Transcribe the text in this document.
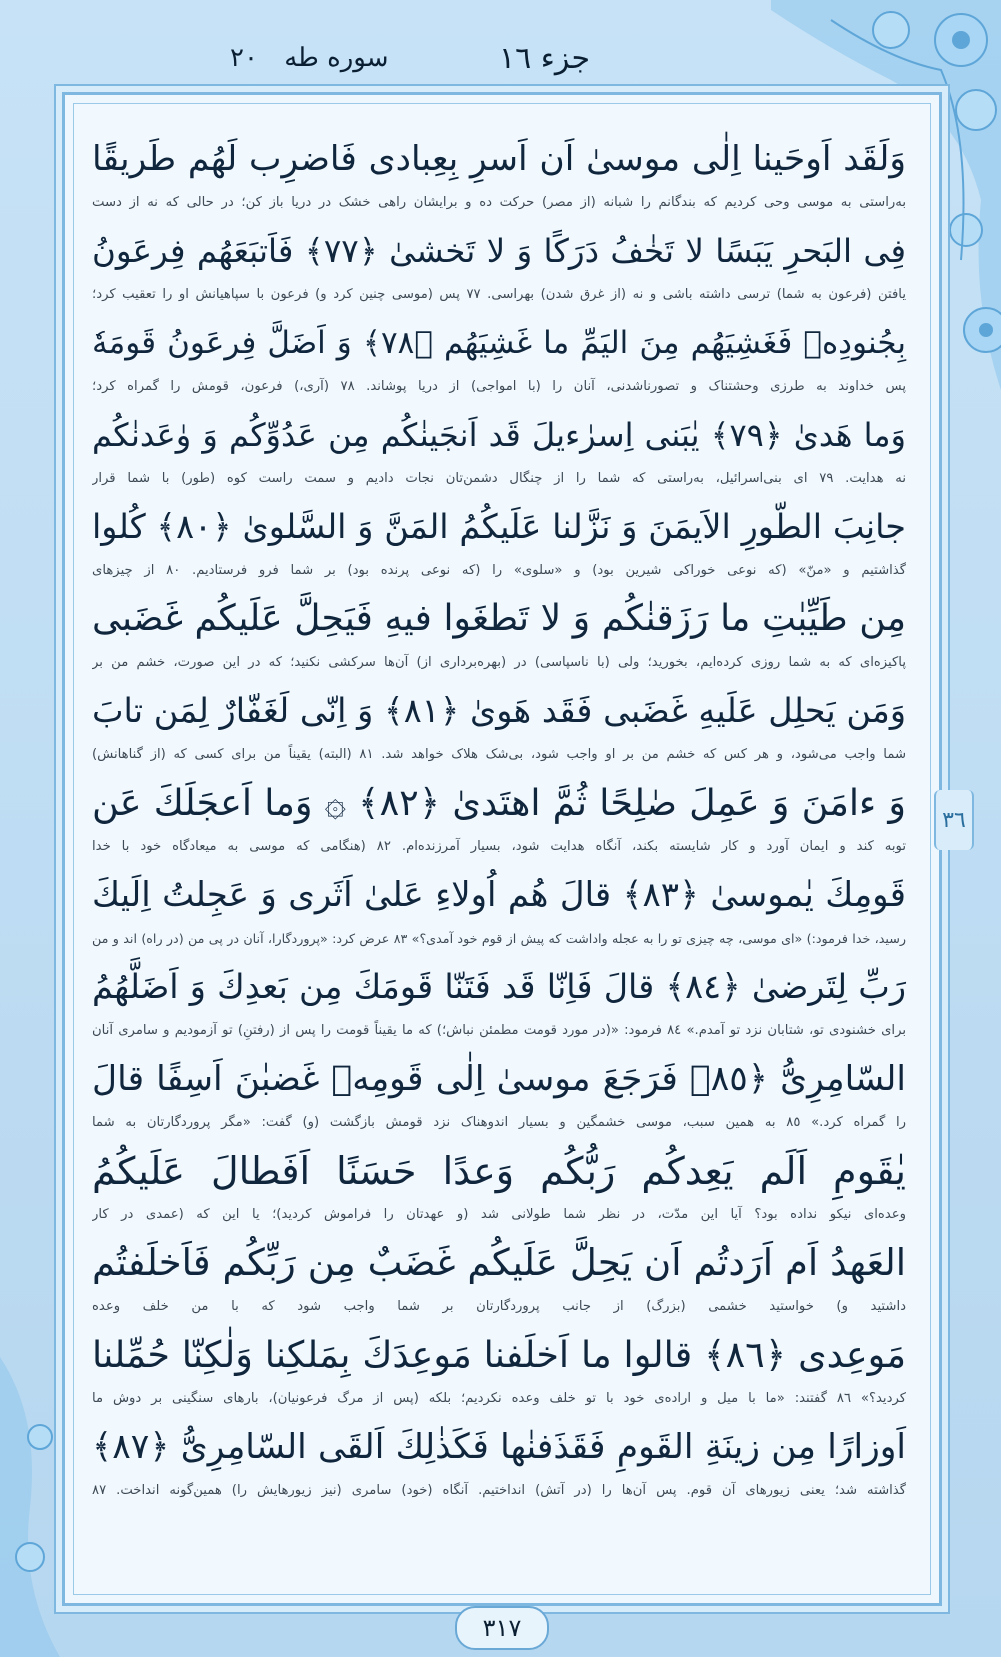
جزء ١٦
سوره طه ٢٠
وَلَقَد اَوحَينا اِلٰى موسىٰ اَن اَسرِ بِعِبادى فَاضرِب لَهُم طَريقًا
به‌راستی به موسی وحی کردیم که بندگانم را شبانه (از مصر) حرکت ده و برایشان راهی خشک در دریا باز کن؛ در حالی که نه از دست
فِى البَحرِ يَبَسًا لا تَخٰفُ دَرَكًا وَ لا تَخشىٰ ﴿٧٧﴾ فَاَتبَعَهُم فِرعَونُ
یافتن (فرعون به شما) ترسی داشته باشی و نه (از غرق شدن) بهراسی. ٧٧ پس (موسی چنین کرد و) فرعون با سپاهیانش او را تعقیب کرد؛
بِجُنودِهٖ فَغَشِيَهُم مِنَ اليَمِّ ما غَشِيَهُم ﴿٧٨﴾ وَ اَضَلَّ فِرعَونُ قَومَهٗ
پس خداوند به طرزی وحشتناک و تصورناشدنی، آنان را (با امواجی) از دریا پوشاند. ٧٨ (آری،) فرعون، قومش را گمراه کرد؛
وَما هَدىٰ ﴿٧٩﴾ يٰبَنى اِسرٰءيلَ قَد اَنجَينٰكُم مِن عَدُوِّكُم وَ وٰعَدنٰكُم
نه هدایت. ٧٩ ای بنی‌اسرائیل، به‌راستی که شما را از چنگال دشمن‌تان نجات دادیم و سمت راست کوه (طور) با شما قرار
جانِبَ الطّورِ الاَيمَنَ وَ نَزَّلنا عَلَيكُمُ المَنَّ وَ السَّلوىٰ ﴿٨٠﴾ كُلوا
گذاشتیم و «منّ» (که نوعی خوراکی شیرین بود) و «سلوی» را (که نوعی پرنده بود) بر شما فرو فرستادیم. ٨٠ از چیزهای
مِن طَيِّبٰتِ ما رَزَقنٰكُم وَ لا تَطغَوا فيهِ فَيَحِلَّ عَلَيكُم غَضَبى
پاکیزه‌ای که به شما روزی کرده‌ایم، بخورید؛ ولی (با ناسپاسی) در (بهره‌برداری از) آن‌ها سرکشی نکنید؛ که در این صورت، خشم من بر
وَمَن يَحلِل عَلَيهِ غَضَبى فَقَد هَوىٰ ﴿٨١﴾ وَ اِنّى لَغَفّارٌ لِمَن تابَ
شما واجب می‌شود، و هر کس که خشم من بر او واجب شود، بی‌شک هلاک خواهد شد. ٨١ (البته) یقیناً من برای کسی که (از گناهانش)
وَ ءامَنَ وَ عَمِلَ صٰلِحًا ثُمَّ اهتَدىٰ ﴿٨٢﴾ ۞ وَما اَعجَلَكَ عَن
توبه کند و ایمان آورد و کار شایسته بکند، آنگاه هدایت شود، بسیار آمرزنده‌ام. ٨٢ (هنگامی که موسی به میعادگاه خود با خدا
قَومِكَ يٰموسىٰ ﴿٨٣﴾ قالَ هُم اُولاءِ عَلىٰ اَثَرى وَ عَجِلتُ اِلَيكَ
رسید، خدا فرمود:) «ای موسی، چه چیزی تو را به عجله واداشت که پیش از قوم خود آمدی؟» ٨٣ عرض کرد: «پروردگارا، آنان در پی من (در راه) اند و من
رَبِّ لِتَرضىٰ ﴿٨٤﴾ قالَ فَاِنّا قَد فَتَنّا قَومَكَ مِن بَعدِكَ وَ اَضَلَّهُمُ
برای خشنودی تو، شتابان نزد تو آمدم.» ٨٤ فرمود: «(در مورد قومت مطمئن نباش؛) که ما یقیناً قومت را پس از (رفتنِ) تو آزمودیم و سامری آنان
السّامِرِىُّ ﴿٨٥﴾ فَرَجَعَ موسىٰ اِلٰى قَومِهٖ غَضبٰنَ اَسِفًا قالَ
را گمراه کرد.» ٨٥ به همین سبب، موسی خشمگین و بسیار اندوهناک نزد قومش بازگشت (و) گفت: «مگر پروردگارتان به شما
يٰقَومِ اَلَم يَعِدكُم رَبُّكُم وَعدًا حَسَنًا اَفَطالَ عَلَيكُمُ
وعده‌ای نیکو نداده بود؟ آیا این مدّت، در نظر شما طولانی شد (و عهدتان را فراموش کردید)؛ یا این که (عمدی در کار
العَهدُ اَم اَرَدتُم اَن يَحِلَّ عَلَيكُم غَضَبٌ مِن رَبِّكُم فَاَخلَفتُم
داشتید و) خواستید خشمی (بزرگ) از جانب پروردگارتان بر شما واجب شود که با من خلف وعده
مَوعِدى ﴿٨٦﴾ قالوا ما اَخلَفنا مَوعِدَكَ بِمَلكِنا وَلٰكِنّا حُمِّلنا
کردید؟» ٨٦ گفتند: «ما با میل و اراده‌ی خود با تو خلف وعده نکردیم؛ بلکه (پس از مرگ فرعونیان)، بارهای سنگینی بر دوش ما
اَوزارًا مِن زينَةِ القَومِ فَقَذَفنٰها فَكَذٰلِكَ اَلقَى السّامِرِىُّ ﴿٨٧﴾
گذاشته شد؛ یعنی زیورهای آن قوم. پس آن‌ها را (در آتش) انداختیم. آنگاه (خود) سامری (نیز زیورهایش را) همین‌گونه انداخت. ٨٧
٣٦
٣١٧
